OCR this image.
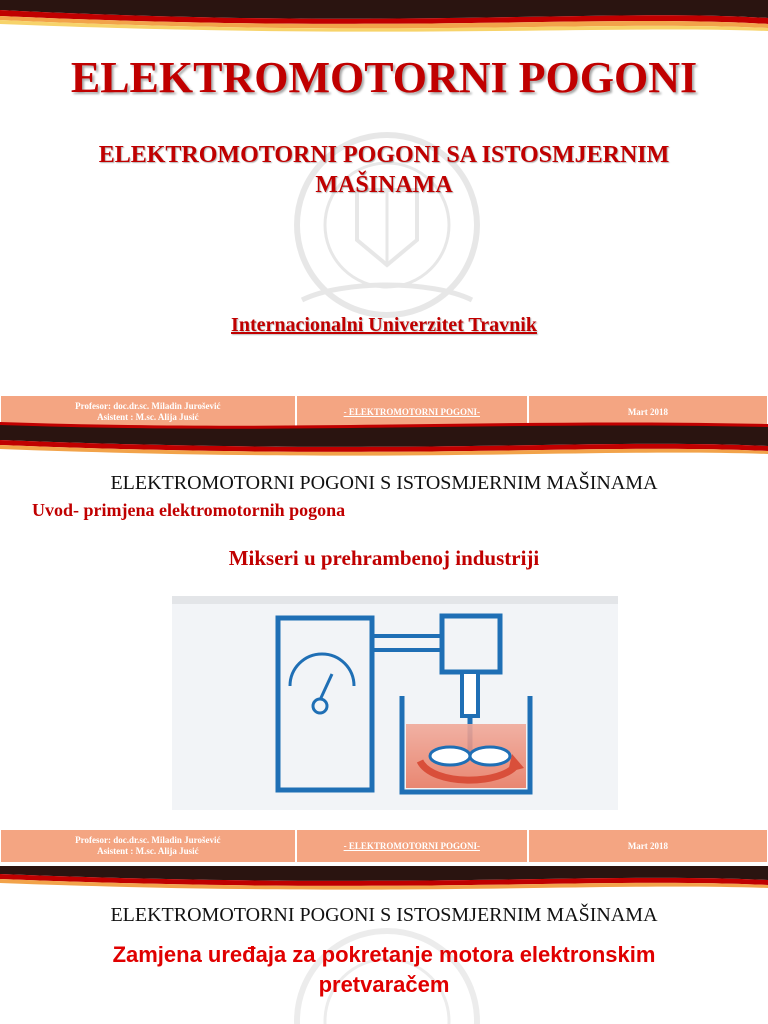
ELEKTROMOTORNI POGONI
ELEKTROMOTORNI POGONI SA ISTOSMJERNIM MAŠINAMA
Internacionalni Univerzitet Travnik
Profesor: doc.dr.sc. Miladin Jurošević
Asistent : M.sc. Alija Jusić
- ELEKTROMOTORNI POGONI-	Mart 2018
ELEKTROMOTORNI POGONI S ISTOSMJERNIM MAŠINAMA
Uvod- primjena elektromotornih pogona
Mikseri u prehrambenoj industriji
Profesor: doc.dr.sc. Miladin Jurošević
Asistent : M.sc. Alija Jusić
- ELEKTROMOTORNI POGONI-	Mart 2018
ELEKTROMOTORNI POGONI S ISTOSMJERNIM MAŠINAMA
Zamjena uređaja za pokretanje motora elektronskim pretvaračem
